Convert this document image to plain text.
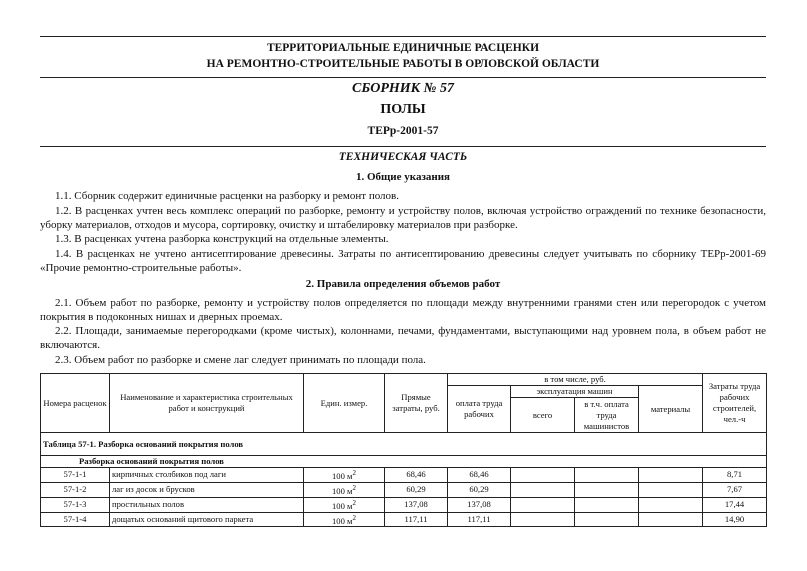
ТЕРРИТОРИАЛЬНЫЕ ЕДИНИЧНЫЕ РАСЦЕНКИ
НА РЕМОНТНО-СТРОИТЕЛЬНЫЕ РАБОТЫ В ОРЛОВСКОЙ ОБЛАСТИ
СБОРНИК № 57
ПОЛЫ
ТЕРр-2001-57
ТЕХНИЧЕСКАЯ ЧАСТЬ
1. Общие указания
1.1. Сборник содержит единичные расценки на разборку и ремонт полов.
1.2. В расценках учтен весь комплекс операций по разборке, ремонту и устройству полов, включая устройство ограждений по технике безопасности, уборку материалов, отходов и мусора, сортировку, очистку и штабелировку материалов при разборке.
1.3. В расценках учтена разборка конструкций на отдельные элементы.
1.4. В расценках не учтено антисептирование древесины. Затраты по антисептированию древесины следует учитывать по сборнику ТЕРр-2001-69 «Прочие ремонтно-строительные работы».
2. Правила определения объемов работ
2.1. Объем работ по разборке, ремонту и устройству полов определяется по площади между внутренними гранями стен или перегородок с учетом покрытия в подоконных нишах и дверных проемах.
2.2. Площади, занимаемые перегородками (кроме чистых), колоннами, печами, фундаментами, выступающими над уровнем пола, в объем работ не включаются.
2.3. Объем работ по разборке и смене лаг следует принимать по площади пола.
Номера расценок	Наименование и характеристика строительных работ и конструкций	Един. измер.	Прямые затраты, руб.	в том числе, руб.				Затраты труда рабочих строителей, чел.-ч
				оплата труда рабочих	эксплуатация машин		материалы	
					всего	в т.ч. оплата труда машинистов		
Таблица 57-1. Разборка оснований покрытия полов								
Разборка оснований покрытия полов								
57-1-1	кирпичных столбиков под лаги	100 $м^2$	68,46	68,46				8,71
57-1-2	лаг из досок и брусков	100 $м^2$	60,29	60,29				7,67
57-1-3	простильных полов	100 $м^2$	137,08	137,08				17,44
57-1-4	дощатых оснований щитового паркета	100 $м^2$	117,11	117,11				14,90
